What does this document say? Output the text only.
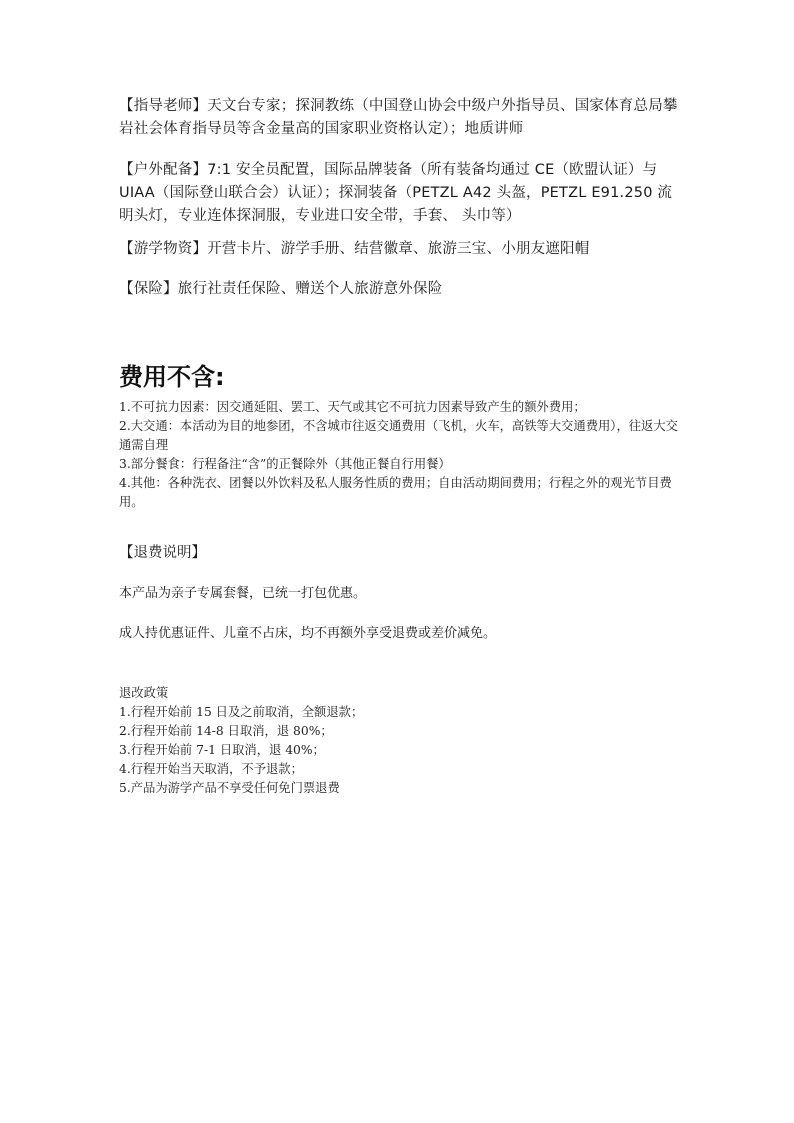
【指导老师】天文台专家；探洞教练（中国登山协会中级户外指导员、国家体育总局攀岩社会体育指导员等含金量高的国家职业资格认定）；地质讲师

【户外配备】7:1 安全员配置，国际品牌装备（所有装备均通过 CE（欧盟认证）与 UIAA（国际登山联合会）认证）；探洞装备（PETZL A42 头盔，PETZL E91.250 流明头灯，专业连体探洞服，专业进口安全带，手套、 头巾等）

【游学物资】开营卡片、游学手册、结营徽章、旅游三宝、小朋友遮阳帽

【保险】旅行社责任保险、赠送个人旅游意外保险

费用不含:

1.不可抗力因素：因交通延阻、罢工、天气或其它不可抗力因素导致产生的额外费用；

2.大交通：本活动为目的地参团，不含城市往返交通费用（飞机，火车，高铁等大交通费用），往返大交通需自理

3.部分餐食：行程备注“含”的正餐除外（其他正餐自行用餐）

4.其他：各种洗衣、团餐以外饮料及私人服务性质的费用；自由活动期间费用；行程之外的观光节目费用。

【退费说明】

本产品为亲子专属套餐，已统一打包优惠。

成人持优惠证件、儿童不占床，均不再额外享受退费或差价减免。

退改政策

1.行程开始前 15 日及之前取消，全额退款；

2.行程开始前 14-8 日取消，退 80%；

3.行程开始前 7-1 日取消，退 40%；

4.行程开始当天取消，不予退款；

5.产品为游学产品不享受任何免门票退费
